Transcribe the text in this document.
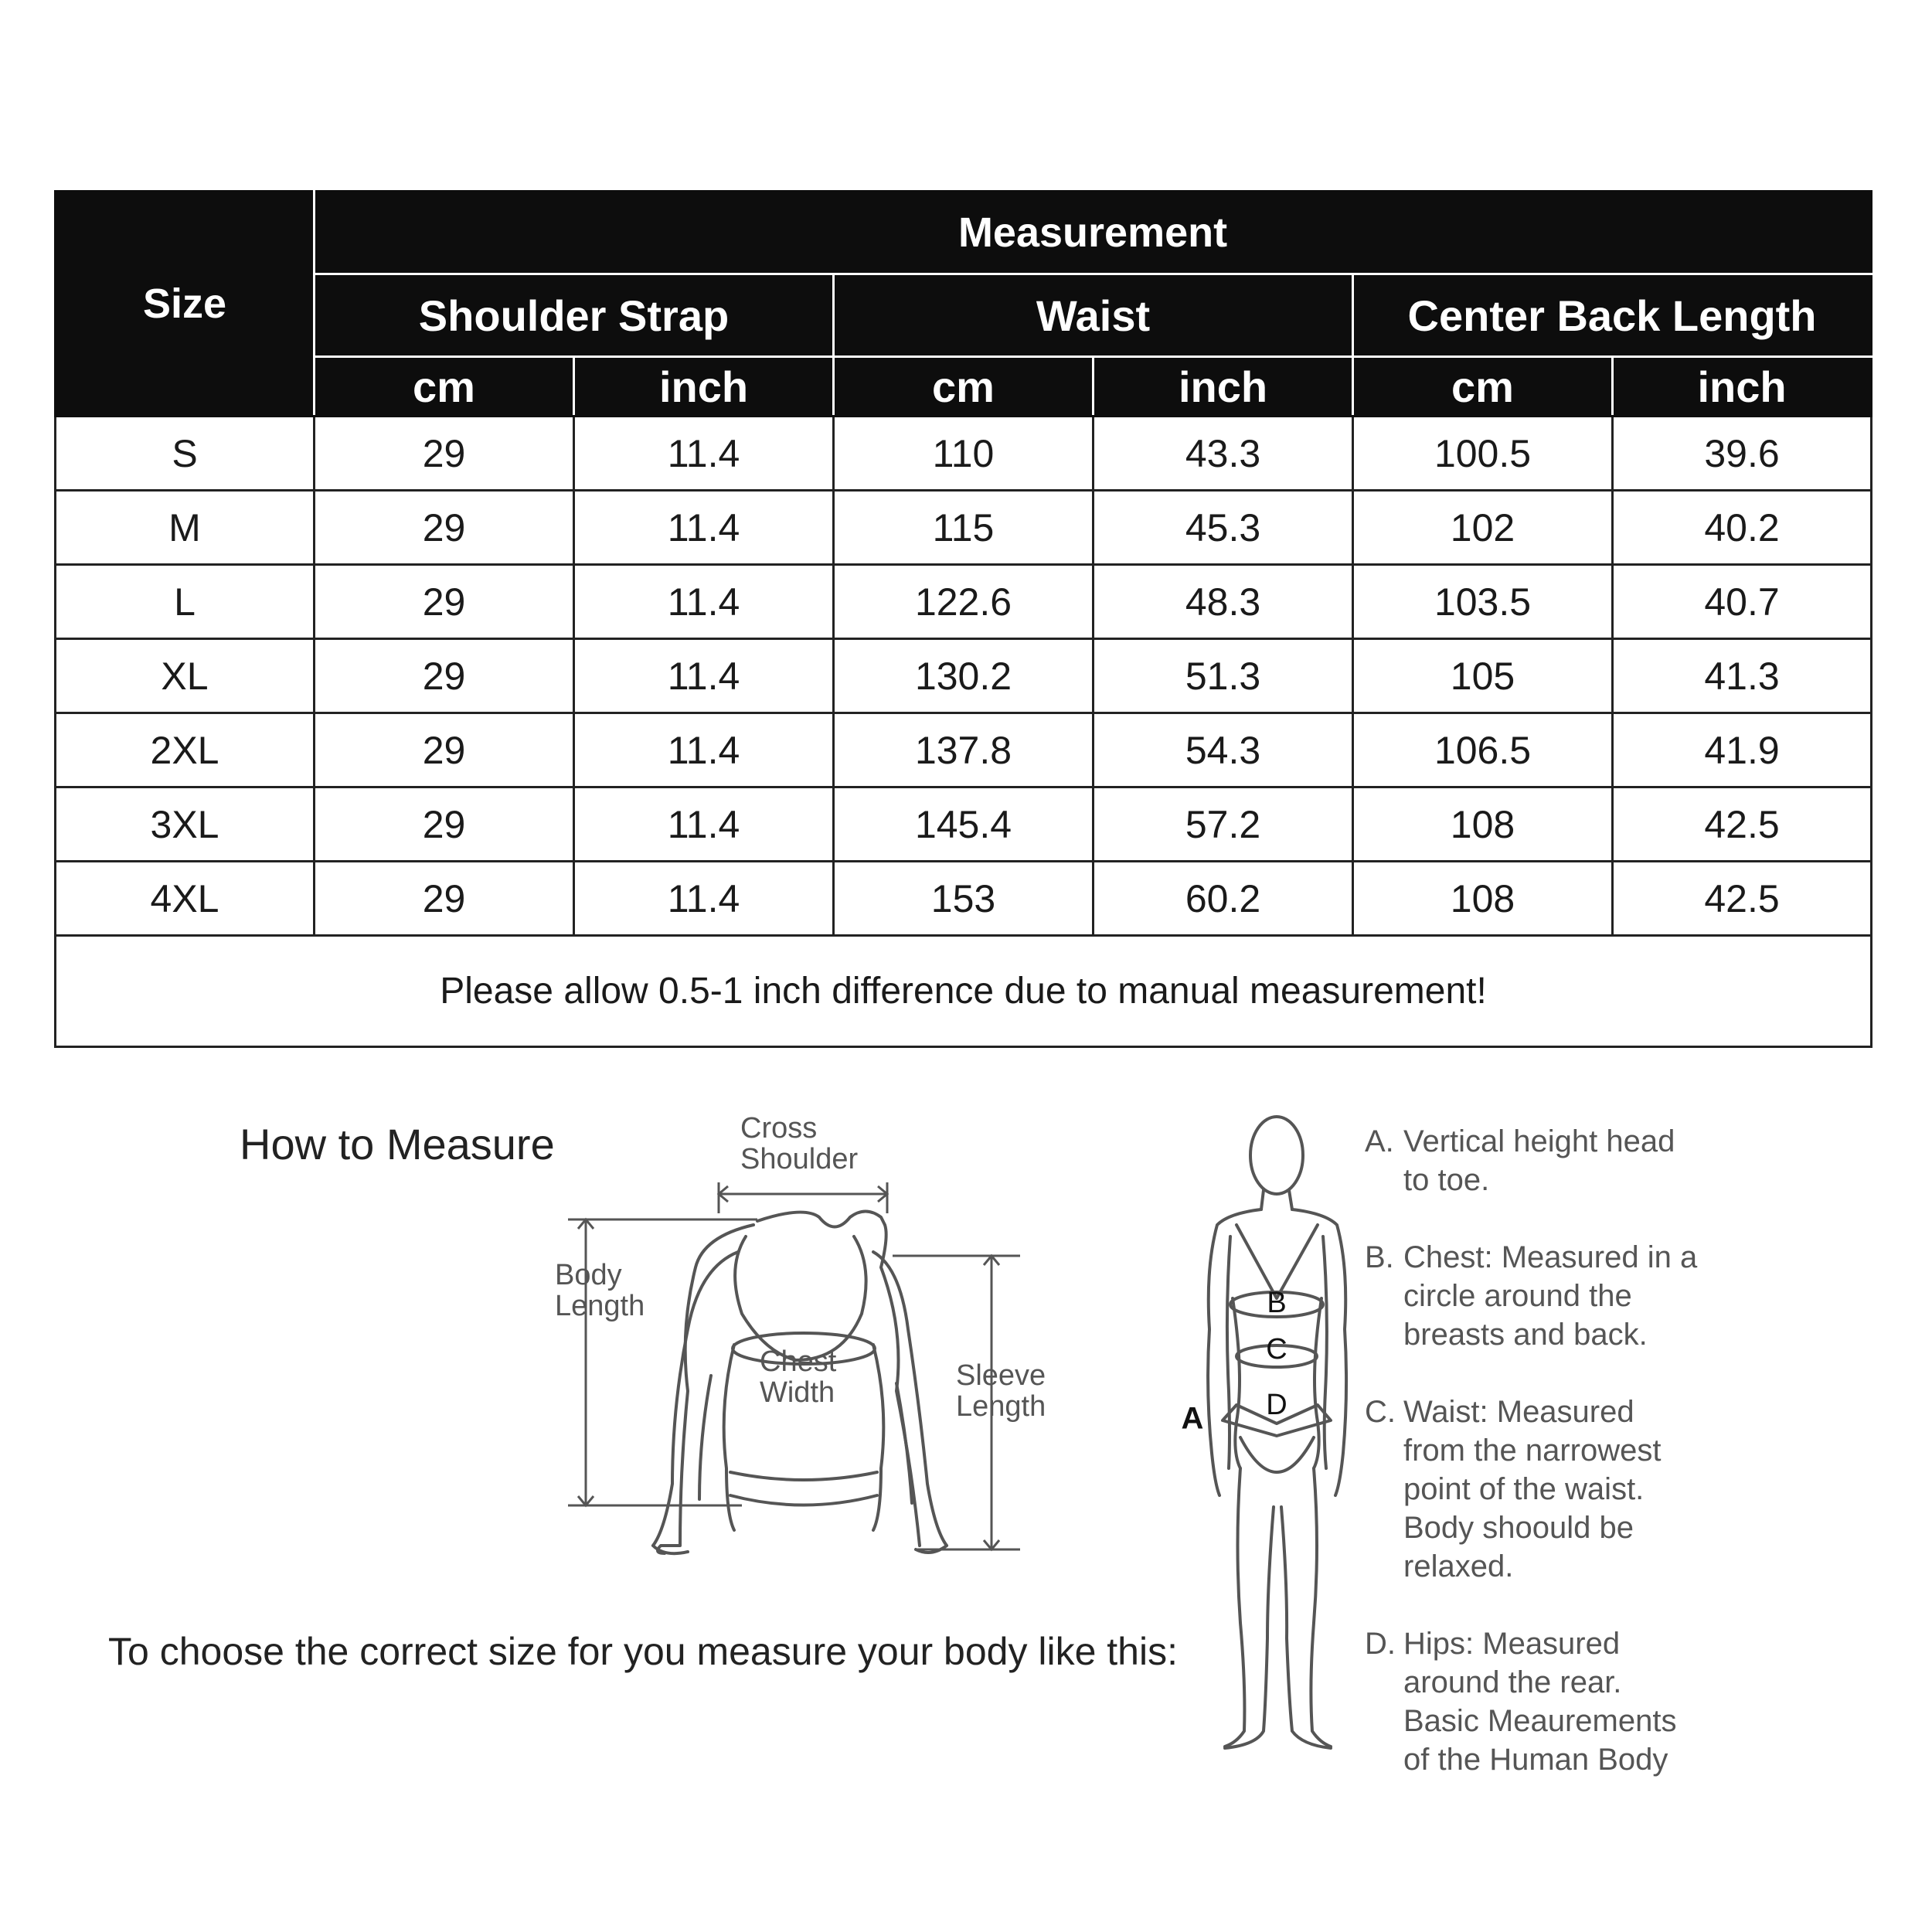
Size	Measurement					
	Shoulder Strap		Waist		Center Back Length	
	cm	inch	cm	inch	cm	inch
S	29	11.4	110	43.3	100.5	39.6
M	29	11.4	115	45.3	102	40.2
L	29	11.4	122.6	48.3	103.5	40.7
XL	29	11.4	130.2	51.3	105	41.3
2XL	29	11.4	137.8	54.3	106.5	41.9
3XL	29	11.4	145.4	57.2	108	42.5
4XL	29	11.4	153	60.2	108	42.5
Please allow 0.5-1 inch difference due to manual measurement!						
How to Measure
To choose the correct size for you measure your body like this:
B
C
D
A
Cross
Shoulder
Body
Length
Chest
Width
Sleeve
Length
A. Vertical height head
to toe.
B. Chest: Measured in a
circle around the
breasts and back.
C. Waist: Measured
from the narrowest
point of the waist.
Body shoould be
relaxed.
D. Hips: Measured
around the rear.
Basic Meaurements
of the Human Body
